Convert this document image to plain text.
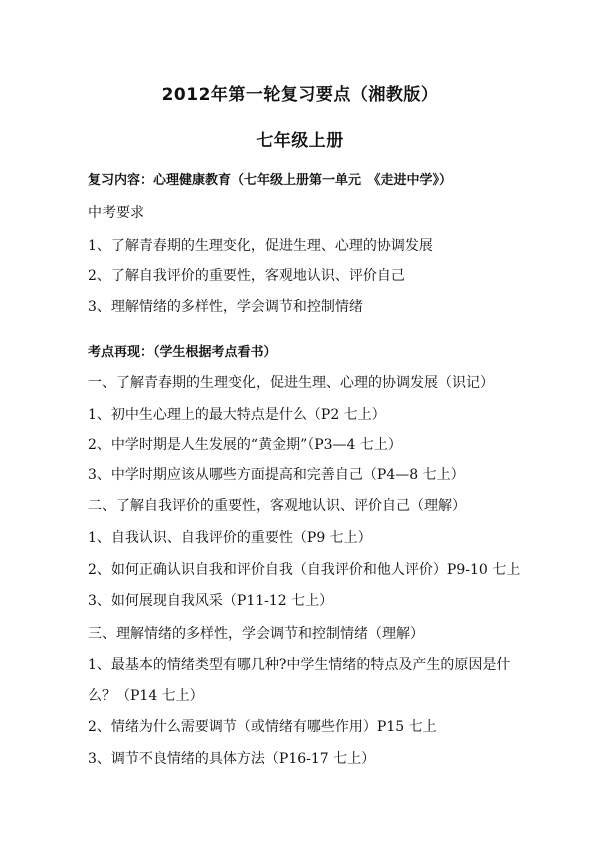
2012年第一轮复习要点（湘教版）
七年级上册
复习内容：心理健康教育（七年级上册第一单元　《走进中学》）
中考要求
1、了解青春期的生理变化，促进生理、心理的协调发展
2、了解自我评价的重要性，客观地认识、评价自己
3、理解情绪的多样性，学会调节和控制情绪
考点再现：（学生根据考点看书）
一、了解青春期的生理变化，促进生理、心理的协调发展（识记）
1、初中生心理上的最大特点是什么（P2 七上）
2、中学时期是人生发展的“黄金期”（P3—4 七上）
3、中学时期应该从哪些方面提高和完善自己（P4—8 七上）
二、了解自我评价的重要性，客观地认识、评价自己（理解）
1、自我认识、自我评价的重要性（P9 七上）
2、如何正确认识自我和评价自我（自我评价和他人评价）P9-10 七上
3、如何展现自我风采（P11-12 七上）
三、理解情绪的多样性，学会调节和控制情绪（理解）
1、最基本的情绪类型有哪几种?中学生情绪的特点及产生的原因是什
么？（P14 七上）
2、情绪为什么需要调节（或情绪有哪些作用）P15 七上
3、调节不良情绪的具体方法（P16-17 七上）
